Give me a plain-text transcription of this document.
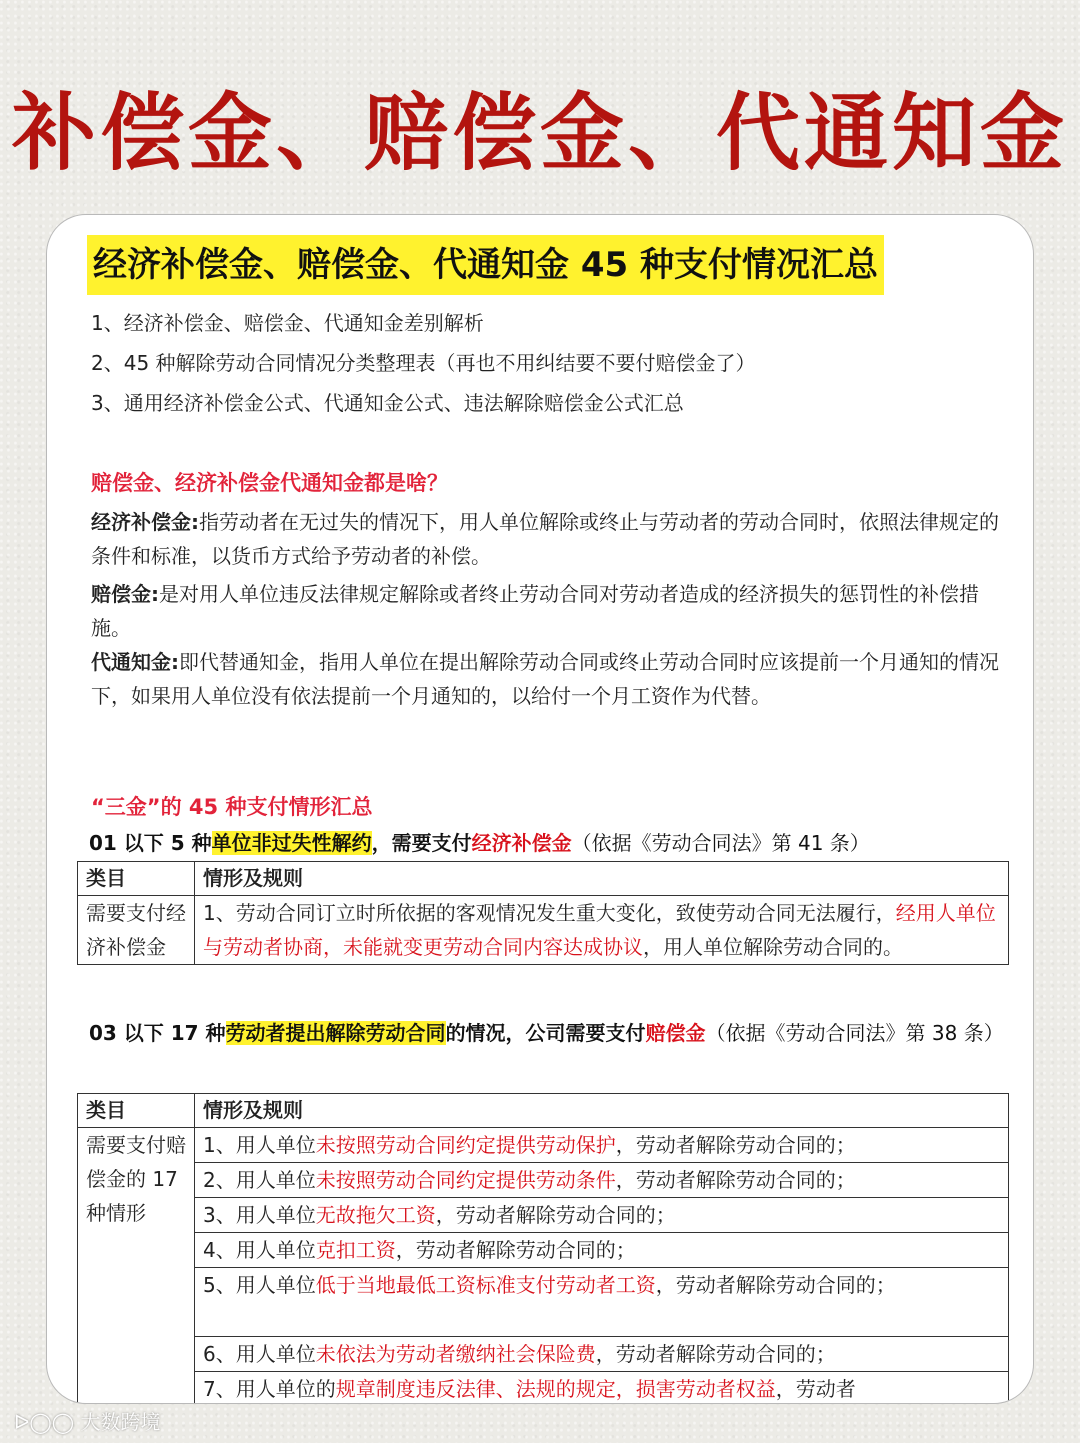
补偿金、赔偿金、代通知金
经济补偿金、赔偿金、代通知金 45 种支付情况汇总
1、经济补偿金、赔偿金、代通知金差别解析
2、45 种解除劳动合同情况分类整理表（再也不用纠结要不要付赔偿金了）
3、通用经济补偿金公式、代通知金公式、违法解除赔偿金公式汇总
赔偿金、经济补偿金代通知金都是啥？
经济补偿金:指劳动者在无过失的情况下，用人单位解除或终止与劳动者的劳动合同时，依照法律规定的条件和标准，以货币方式给予劳动者的补偿。
赔偿金:是对用人单位违反法律规定解除或者终止劳动合同对劳动者造成的经济损失的惩罚性的补偿措施。
代通知金:即代替通知金，指用人单位在提出解除劳动合同或终止劳动合同时应该提前一个月通知的情况下，如果用人单位没有依法提前一个月通知的，以给付一个月工资作为代替。
“三金”的 45 种支付情形汇总
01 以下 5 种单位非过失性解约，需要支付经济补偿金（依据《劳动合同法》第 41 条）
类目	情形及规则
需要支付经济补偿金	1、劳动合同订立时所依据的客观情况发生重大变化，致使劳动合同无法履行，经用人单位与劳动者协商，未能就变更劳动合同内容达成协议，用人单位解除劳动合同的。
03 以下 17 种劳动者提出解除劳动合同的情况，公司需要支付赔偿金（依据《劳动合同法》第 38 条）
类目	情形及规则
需要支付赔偿金的 17 种情形	1、用人单位未按照劳动合同约定提供劳动保护，劳动者解除劳动合同的；
	2、用人单位未按照劳动合同约定提供劳动条件，劳动者解除劳动合同的；
	3、用人单位无故拖欠工资，劳动者解除劳动合同的；
	4、用人单位克扣工资，劳动者解除劳动合同的；
	5、用人单位低于当地最低工资标准支付劳动者工资，劳动者解除劳动合同的；
	6、用人单位未依法为劳动者缴纳社会保险费，劳动者解除劳动合同的；
	7、用人单位的规章制度违反法律、法规的规定，损害劳动者权益，劳动者
ᐅ◯◯ 大数跨境
